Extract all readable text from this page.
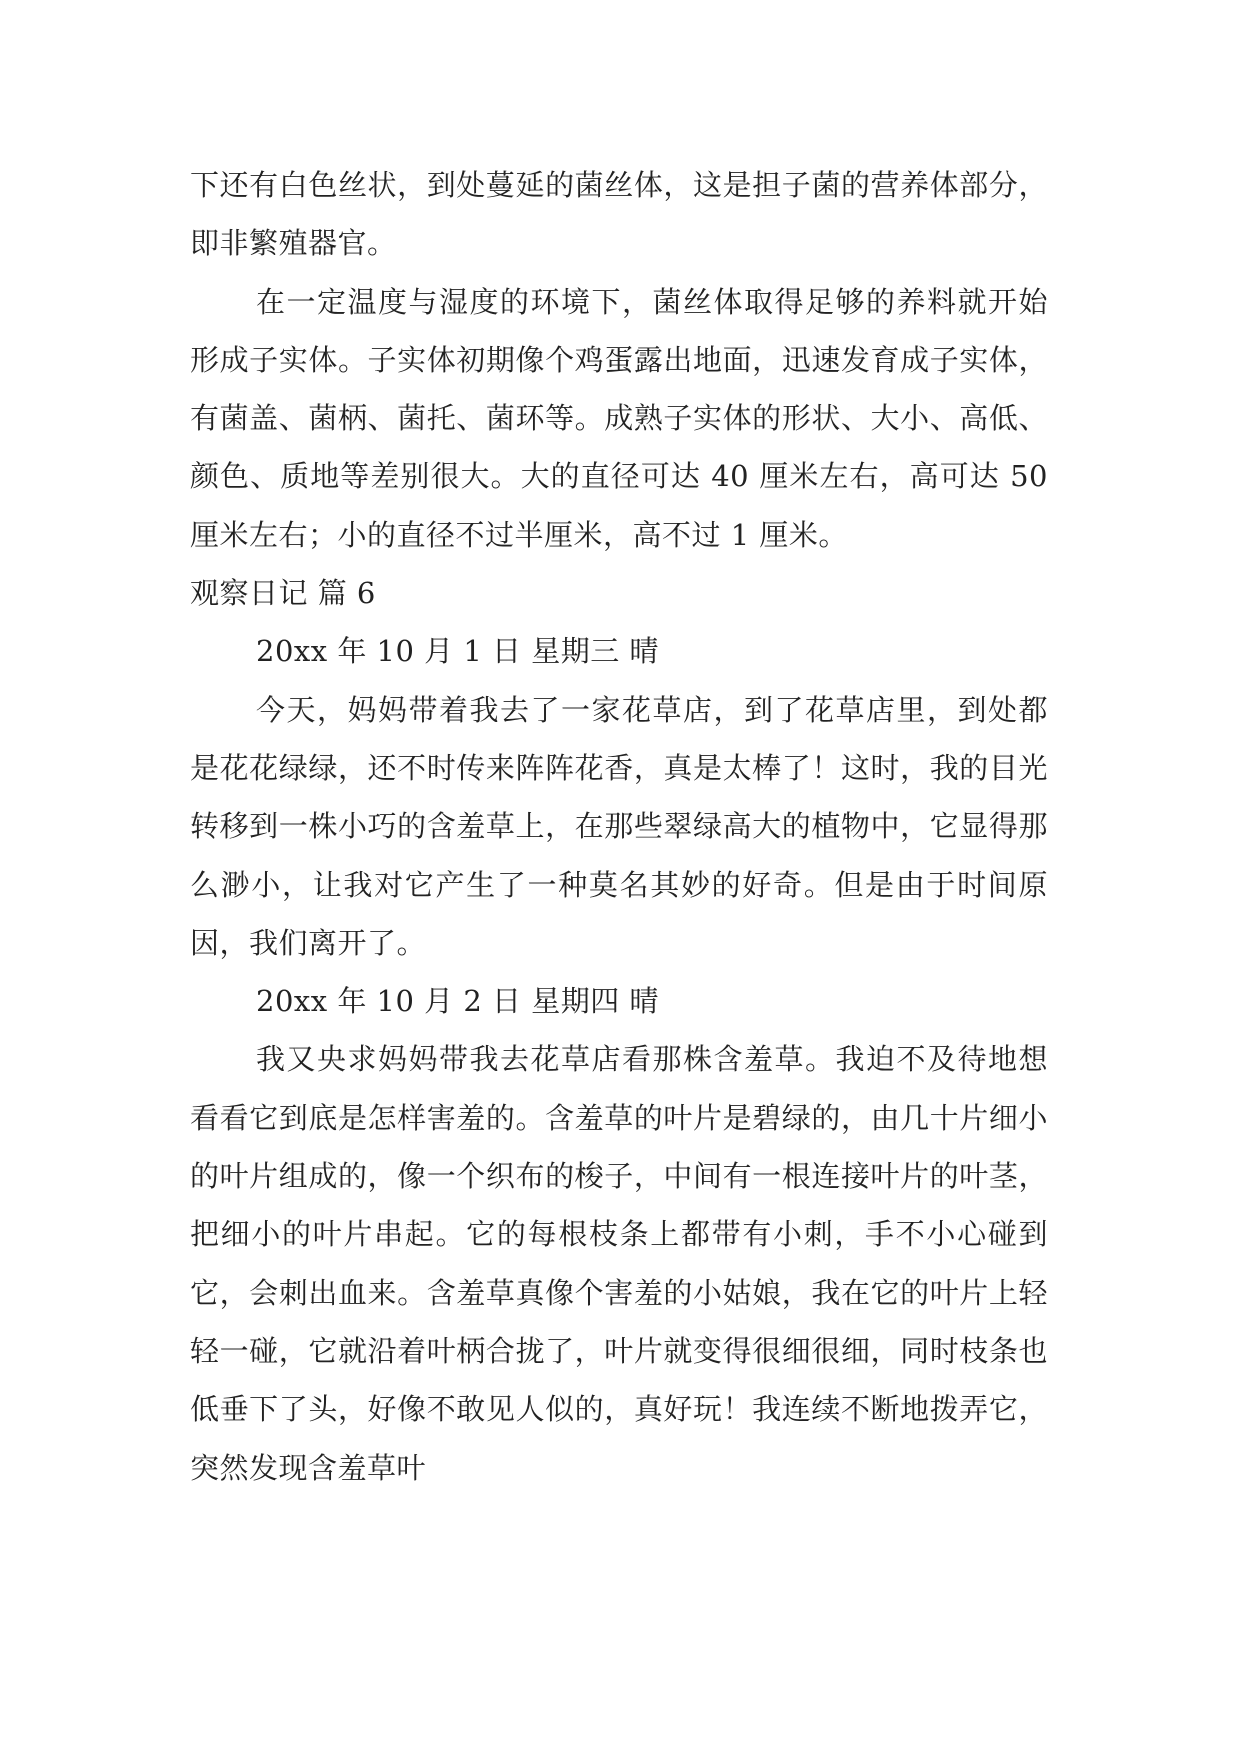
下还有白色丝状，到处蔓延的菌丝体，这是担子菌的营养体部分，即非繁殖器官。

在一定温度与湿度的环境下，菌丝体取得足够的养料就开始形成子实体。子实体初期像个鸡蛋露出地面，迅速发育成子实体，有菌盖、菌柄、菌托、菌环等。成熟子实体的形状、大小、高低、颜色、质地等差别很大。大的直径可达 40 厘米左右，高可达 50 厘米左右；小的直径不过半厘米，高不过 1 厘米。

观察日记 篇 6

20xx 年 10 月 1 日 星期三 晴

今天，妈妈带着我去了一家花草店，到了花草店里，到处都是花花绿绿，还不时传来阵阵花香，真是太棒了！这时，我的目光转移到一株小巧的含羞草上，在那些翠绿高大的植物中，它显得那么渺小，让我对它产生了一种莫名其妙的好奇。但是由于时间原因，我们离开了。

20xx 年 10 月 2 日 星期四 晴

我又央求妈妈带我去花草店看那株含羞草。我迫不及待地想看看它到底是怎样害羞的。含羞草的叶片是碧绿的，由几十片细小的叶片组成的，像一个织布的梭子，中间有一根连接叶片的叶茎，把细小的叶片串起。它的每根枝条上都带有小刺，手不小心碰到它，会刺出血来。含羞草真像个害羞的小姑娘，我在它的叶片上轻轻一碰，它就沿着叶柄合拢了，叶片就变得很细很细，同时枝条也低垂下了头，好像不敢见人似的，真好玩！我连续不断地拨弄它，突然发现含羞草叶
